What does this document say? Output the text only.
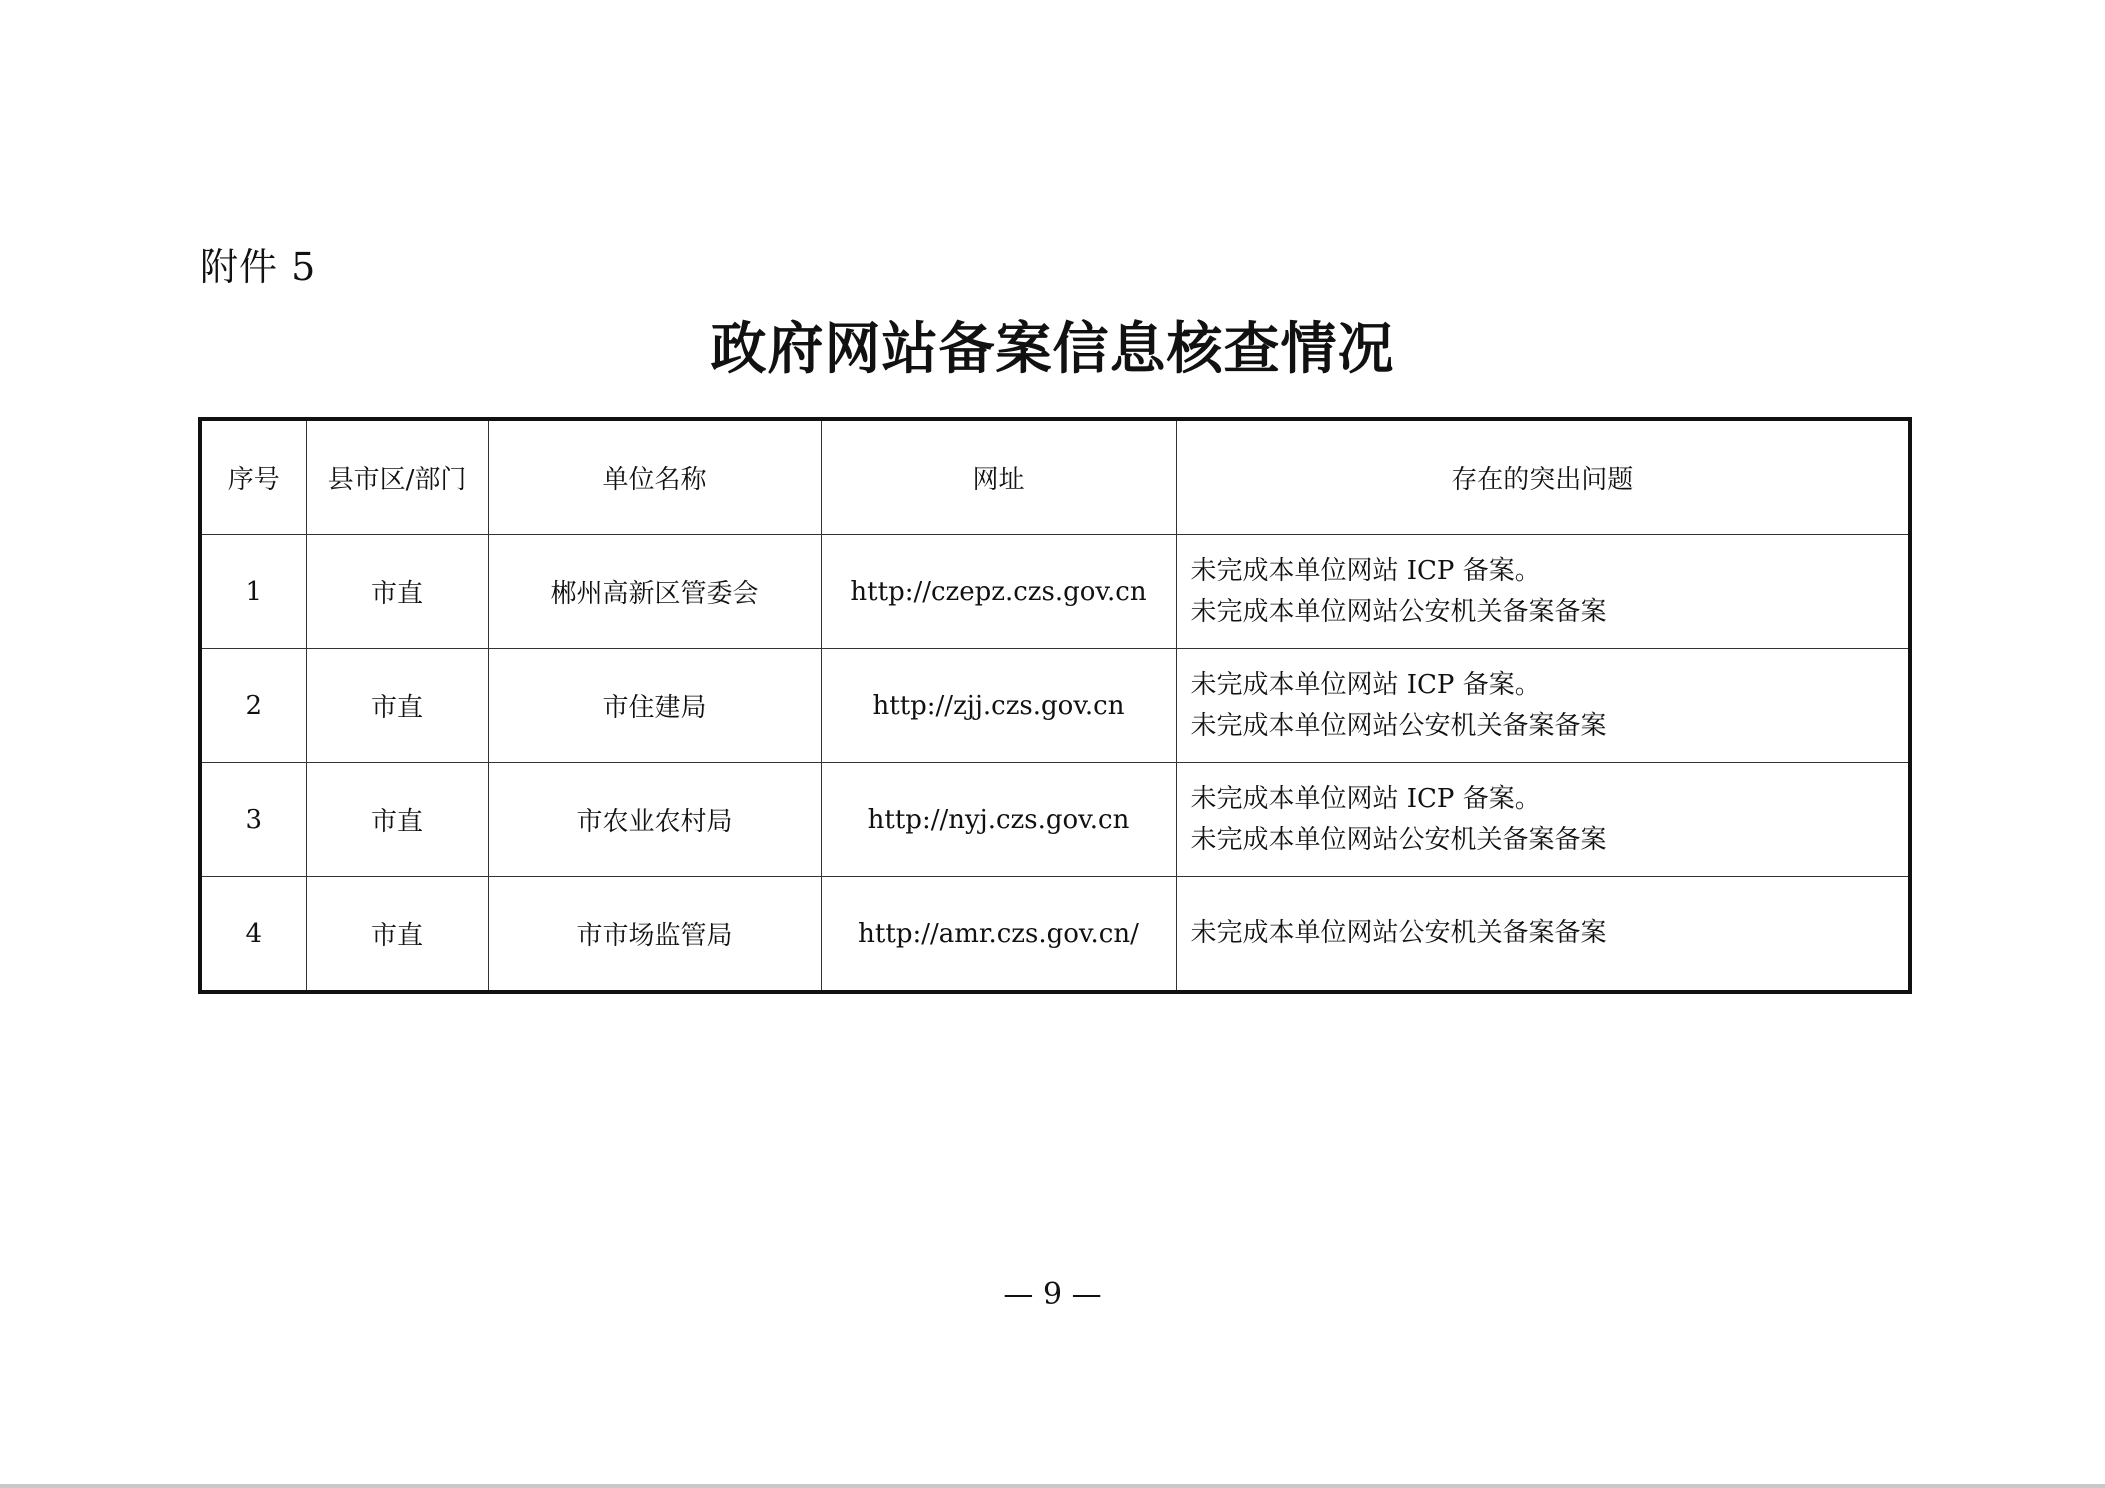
附件 5
政府网站备案信息核查情况
序号	县市区/部门	单位名称	网址	存在的突出问题
1	市直	郴州高新区管委会	http://czepz.czs.gov.cn	未完成本单位网站 ICP 备案。
未完成本单位网站公安机关备案备案

2	市直	市住建局	http://zjj.czs.gov.cn	未完成本单位网站 ICP 备案。
未完成本单位网站公安机关备案备案

3	市直	市农业农村局	http://nyj.czs.gov.cn	未完成本单位网站 ICP 备案。
未完成本单位网站公安机关备案备案

4	市直	市市场监管局	http://amr.czs.gov.cn/	未完成本单位网站公安机关备案备案
— 9 —
